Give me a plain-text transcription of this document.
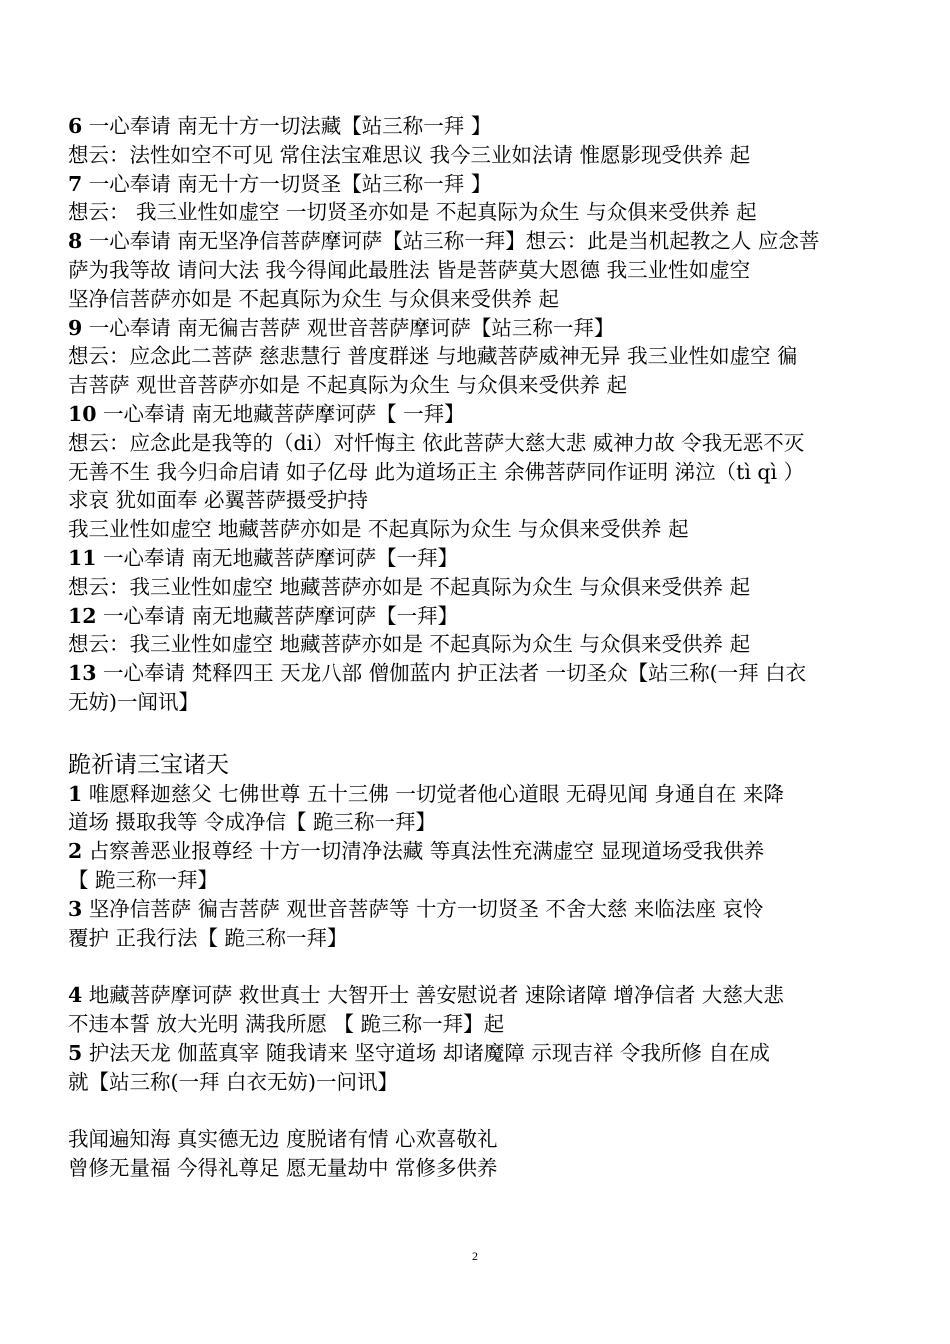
6 一心奉请 南无十方一切法藏【站三称一拜 】
想云：法性如空不可见 常住法宝难思议 我今三业如法请 惟愿影现受供养 起
7 一心奉请 南无十方一切贤圣【站三称一拜 】
想云： 我三业性如虚空 一切贤圣亦如是 不起真际为众生 与众俱来受供养 起
8 一心奉请 南无坚净信菩萨摩诃萨【站三称一拜】想云：此是当机起教之人 应念菩
萨为我等故 请问大法 我今得闻此最胜法 皆是菩萨莫大恩德 我三业性如虚空
坚净信菩萨亦如是 不起真际为众生 与众俱来受供养 起
9 一心奉请 南无徧吉菩萨 观世音菩萨摩诃萨【站三称一拜】
想云：应念此二菩萨 慈悲慧行 普度群迷 与地藏菩萨威神无异 我三业性如虚空 徧
吉菩萨 观世音菩萨亦如是 不起真际为众生 与众俱来受供养 起
10 一心奉请 南无地藏菩萨摩诃萨【 一拜】
想云：应念此是我等的（di）对忏悔主 依此菩萨大慈大悲 威神力故 令我无恶不灭
无善不生 我今归命启请 如子亿母 此为道场正主 余佛菩萨同作证明 涕泣（tì qì ）
求哀 犹如面奉 必翼菩萨摄受护持
我三业性如虚空 地藏菩萨亦如是 不起真际为众生 与众俱来受供养 起
11 一心奉请 南无地藏菩萨摩诃萨【一拜】
想云：我三业性如虚空 地藏菩萨亦如是 不起真际为众生 与众俱来受供养 起
12 一心奉请 南无地藏菩萨摩诃萨【一拜】
想云：我三业性如虚空 地藏菩萨亦如是 不起真际为众生 与众俱来受供养 起
13 一心奉请 梵释四王 天龙八部 僧伽蓝内 护正法者 一切圣众【站三称(一拜 白衣
无妨)一闻讯】
跪祈请三宝诸天
1 唯愿释迦慈父 七佛世尊 五十三佛 一切觉者他心道眼 无碍见闻 身通自在 来降
道场 摄取我等 令成净信【 跪三称一拜】
2 占察善恶业报尊经 十方一切清净法藏 等真法性充满虚空 显现道场受我供养
【 跪三称一拜】
3 坚净信菩萨 徧吉菩萨 观世音菩萨等 十方一切贤圣 不舍大慈 来临法座 哀怜
覆护 正我行法【 跪三称一拜】
4 地藏菩萨摩诃萨 救世真士 大智开士 善安慰说者 速除诸障 增净信者 大慈大悲
不违本誓 放大光明 满我所愿 【 跪三称一拜】起
5 护法天龙 伽蓝真宰 随我请来 坚守道场 却诸魔障 示现吉祥 令我所修 自在成
就【站三称(一拜 白衣无妨)一问讯】
我闻遍知海 真实德无边 度脱诸有情 心欢喜敬礼
曾修无量福 今得礼尊足 愿无量劫中 常修多供养
2
